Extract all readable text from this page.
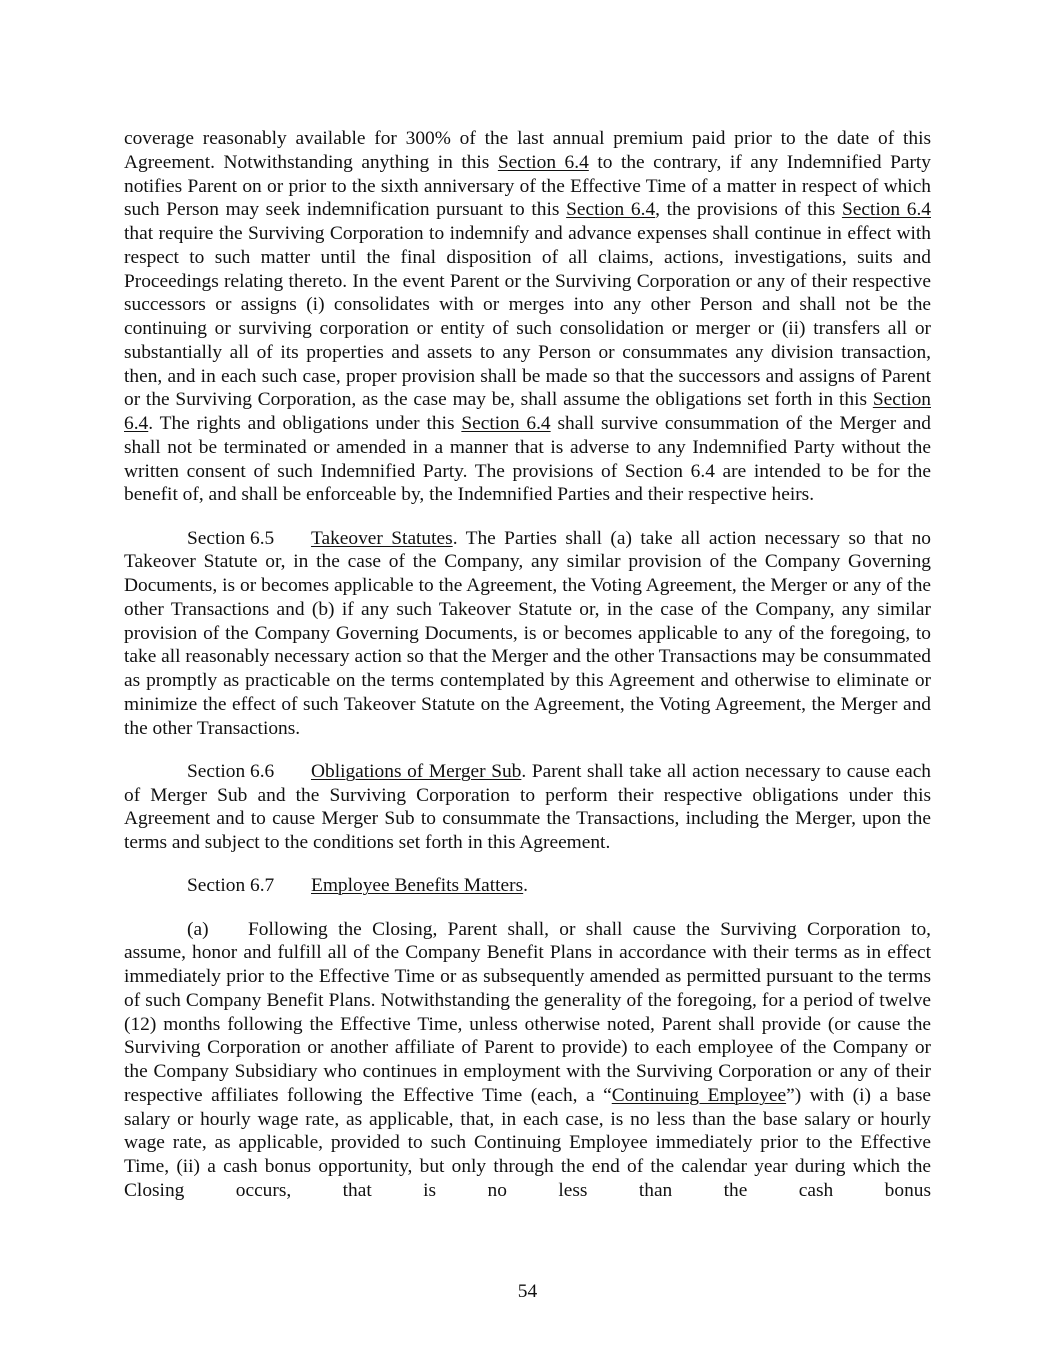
coverage reasonably available for 300% of the last annual premium paid prior to the date of this Agreement. Notwithstanding anything in this Section 6.4 to the contrary, if any Indemnified Party notifies Parent on or prior to the sixth anniversary of the Effective Time of a matter in respect of which such Person may seek indemnification pursuant to this Section 6.4, the provisions of this Section 6.4 that require the Surviving Corporation to indemnify and advance expenses shall continue in effect with respect to such matter until the final disposition of all claims, actions, investigations, suits and Proceedings relating thereto. In the event Parent or the Surviving Corporation or any of their respective successors or assigns (i) consolidates with or merges into any other Person and shall not be the continuing or surviving corporation or entity of such consolidation or merger or (ii) transfers all or substantially all of its properties and assets to any Person or consummates any division transaction, then, and in each such case, proper provision shall be made so that the successors and assigns of Parent or the Surviving Corporation, as the case may be, shall assume the obligations set forth in this Section 6.4. The rights and obligations under this Section 6.4 shall survive consummation of the Merger and shall not be terminated or amended in a manner that is adverse to any Indemnified Party without the written consent of such Indemnified Party. The provisions of Section 6.4 are intended to be for the benefit of, and shall be enforceable by, the Indemnified Parties and their respective heirs.

Section 6.5 Takeover Statutes. The Parties shall (a) take all action necessary so that no Takeover Statute or, in the case of the Company, any similar provision of the Company Governing Documents, is or becomes applicable to the Agreement, the Voting Agreement, the Merger or any of the other Transactions and (b) if any such Takeover Statute or, in the case of the Company, any similar provision of the Company Governing Documents, is or becomes applicable to any of the foregoing, to take all reasonably necessary action so that the Merger and the other Transactions may be consummated as promptly as practicable on the terms contemplated by this Agreement and otherwise to eliminate or minimize the effect of such Takeover Statute on the Agreement, the Voting Agreement, the Merger and the other Transactions.

Section 6.6 Obligations of Merger Sub. Parent shall take all action necessary to cause each of Merger Sub and the Surviving Corporation to perform their respective obligations under this Agreement and to cause Merger Sub to consummate the Transactions, including the Merger, upon the terms and subject to the conditions set forth in this Agreement.

Section 6.7 Employee Benefits Matters.

(a) Following the Closing, Parent shall, or shall cause the Surviving Corporation to, assume, honor and fulfill all of the Company Benefit Plans in accordance with their terms as in effect immediately prior to the Effective Time or as subsequently amended as permitted pursuant to the terms of such Company Benefit Plans. Notwithstanding the generality of the foregoing, for a period of twelve (12) months following the Effective Time, unless otherwise noted, Parent shall provide (or cause the Surviving Corporation or another affiliate of Parent to provide) to each employee of the Company or the Company Subsidiary who continues in employment with the Surviving Corporation or any of their respective affiliates following the Effective Time (each, a “Continuing Employee”) with (i) a base salary or hourly wage rate, as applicable, that, in each case, is no less than the base salary or hourly wage rate, as applicable, provided to such Continuing Employee immediately prior to the Effective Time, (ii) a cash bonus opportunity, but only through the end of the calendar year during which the Closing occurs, that is no less than the cash bonus

54
